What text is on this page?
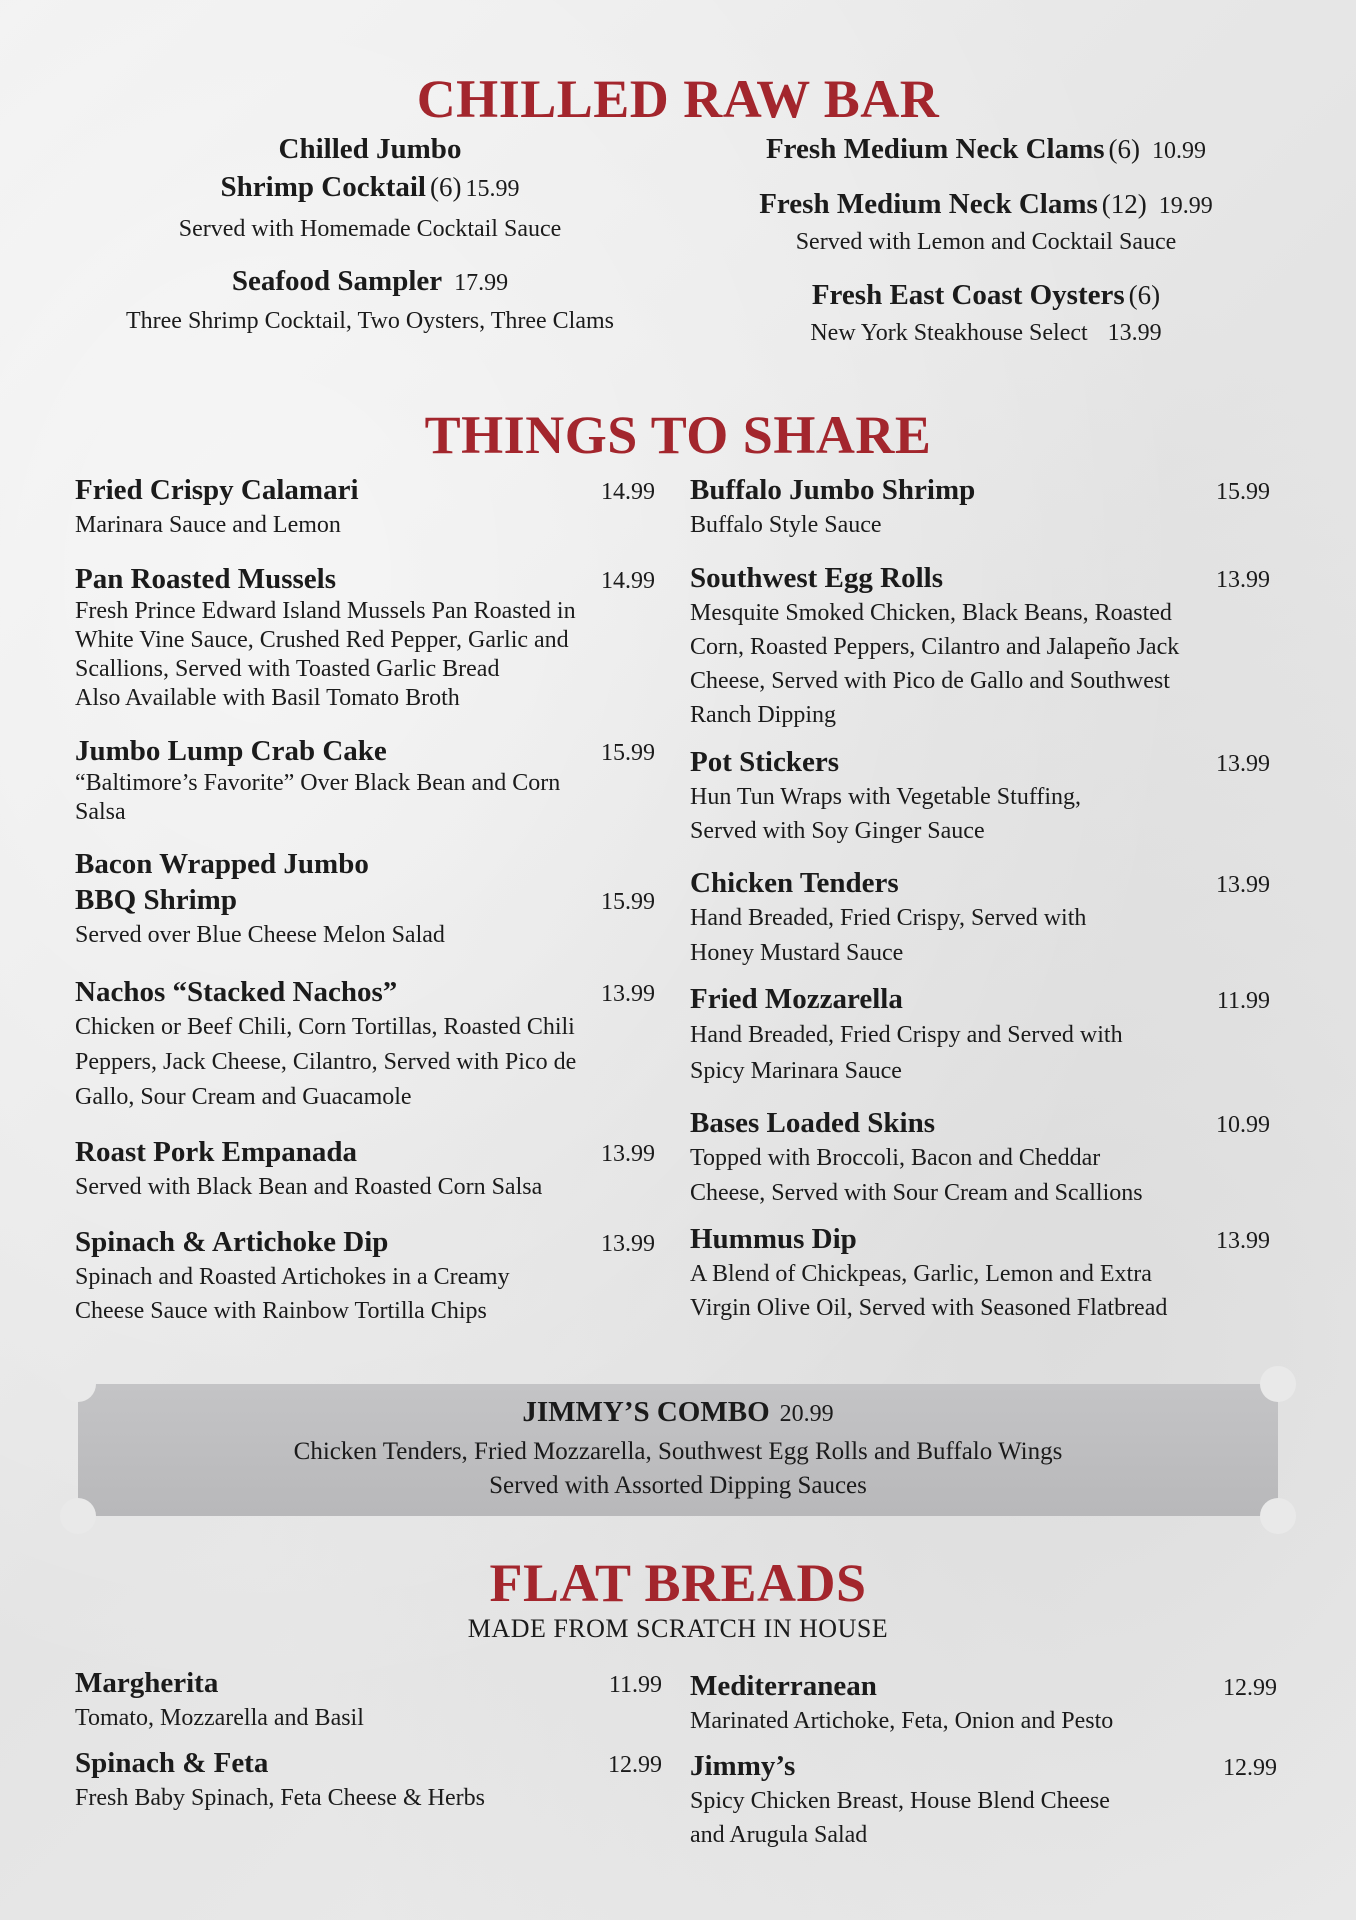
CHILLED RAW BAR
Chilled Jumbo
Shrimp Cocktail (6) 15.99
Served with Homemade Cocktail Sauce
Seafood Sampler 17.99
Three Shrimp Cocktail, Two Oysters, Three Clams
Fresh Medium Neck Clams (6) 10.99
Fresh Medium Neck Clams (12) 19.99
Served with Lemon and Cocktail Sauce
Fresh East Coast Oysters (6)
New York Steakhouse Select 13.99
THINGS TO SHARE
Fried Crispy Calamari	14.99
Marinara Sauce and Lemon
Pan Roasted Mussels	14.99
Fresh Prince Edward Island Mussels Pan Roasted in
White Vine Sauce, Crushed Red Pepper, Garlic and
Scallions, Served with Toasted Garlic Bread
Also Available with Basil Tomato Broth
Jumbo Lump Crab Cake	15.99
“Baltimore’s Favorite” Over Black Bean and Corn
Salsa
Bacon Wrapped Jumbo
BBQ Shrimp	15.99
Served over Blue Cheese Melon Salad
Nachos “Stacked Nachos”	13.99
Chicken or Beef Chili, Corn Tortillas, Roasted Chili
Peppers, Jack Cheese, Cilantro, Served with Pico de
Gallo, Sour Cream and Guacamole
Roast Pork Empanada	13.99
Served with Black Bean and Roasted Corn Salsa
Spinach & Artichoke Dip	13.99
Spinach and Roasted Artichokes in a Creamy
Cheese Sauce with Rainbow Tortilla Chips
Buffalo Jumbo Shrimp	15.99
Buffalo Style Sauce
Southwest Egg Rolls	13.99
Mesquite Smoked Chicken, Black Beans, Roasted
Corn, Roasted Peppers, Cilantro and Jalapeño Jack
Cheese, Served with Pico de Gallo and Southwest
Ranch Dipping
Pot Stickers	13.99
Hun Tun Wraps with Vegetable Stuffing,
Served with Soy Ginger Sauce
Chicken Tenders	13.99
Hand Breaded, Fried Crispy, Served with
Honey Mustard Sauce
Fried Mozzarella	11.99
Hand Breaded, Fried Crispy and Served with
Spicy Marinara Sauce
Bases Loaded Skins	10.99
Topped with Broccoli, Bacon and Cheddar
Cheese, Served with Sour Cream and Scallions
Hummus Dip	13.99
A Blend of Chickpeas, Garlic, Lemon and Extra
Virgin Olive Oil, Served with Seasoned Flatbread
JIMMY’S COMBO 20.99
Chicken Tenders, Fried Mozzarella, Southwest Egg Rolls and Buffalo Wings
Served with Assorted Dipping Sauces
FLAT BREADS
MADE FROM SCRATCH IN HOUSE
Margherita	11.99
Tomato, Mozzarella and Basil
Spinach & Feta	12.99
Fresh Baby Spinach, Feta Cheese & Herbs
Mediterranean	12.99
Marinated Artichoke, Feta, Onion and Pesto
Jimmy’s	12.99
Spicy Chicken Breast, House Blend Cheese
and Arugula Salad
